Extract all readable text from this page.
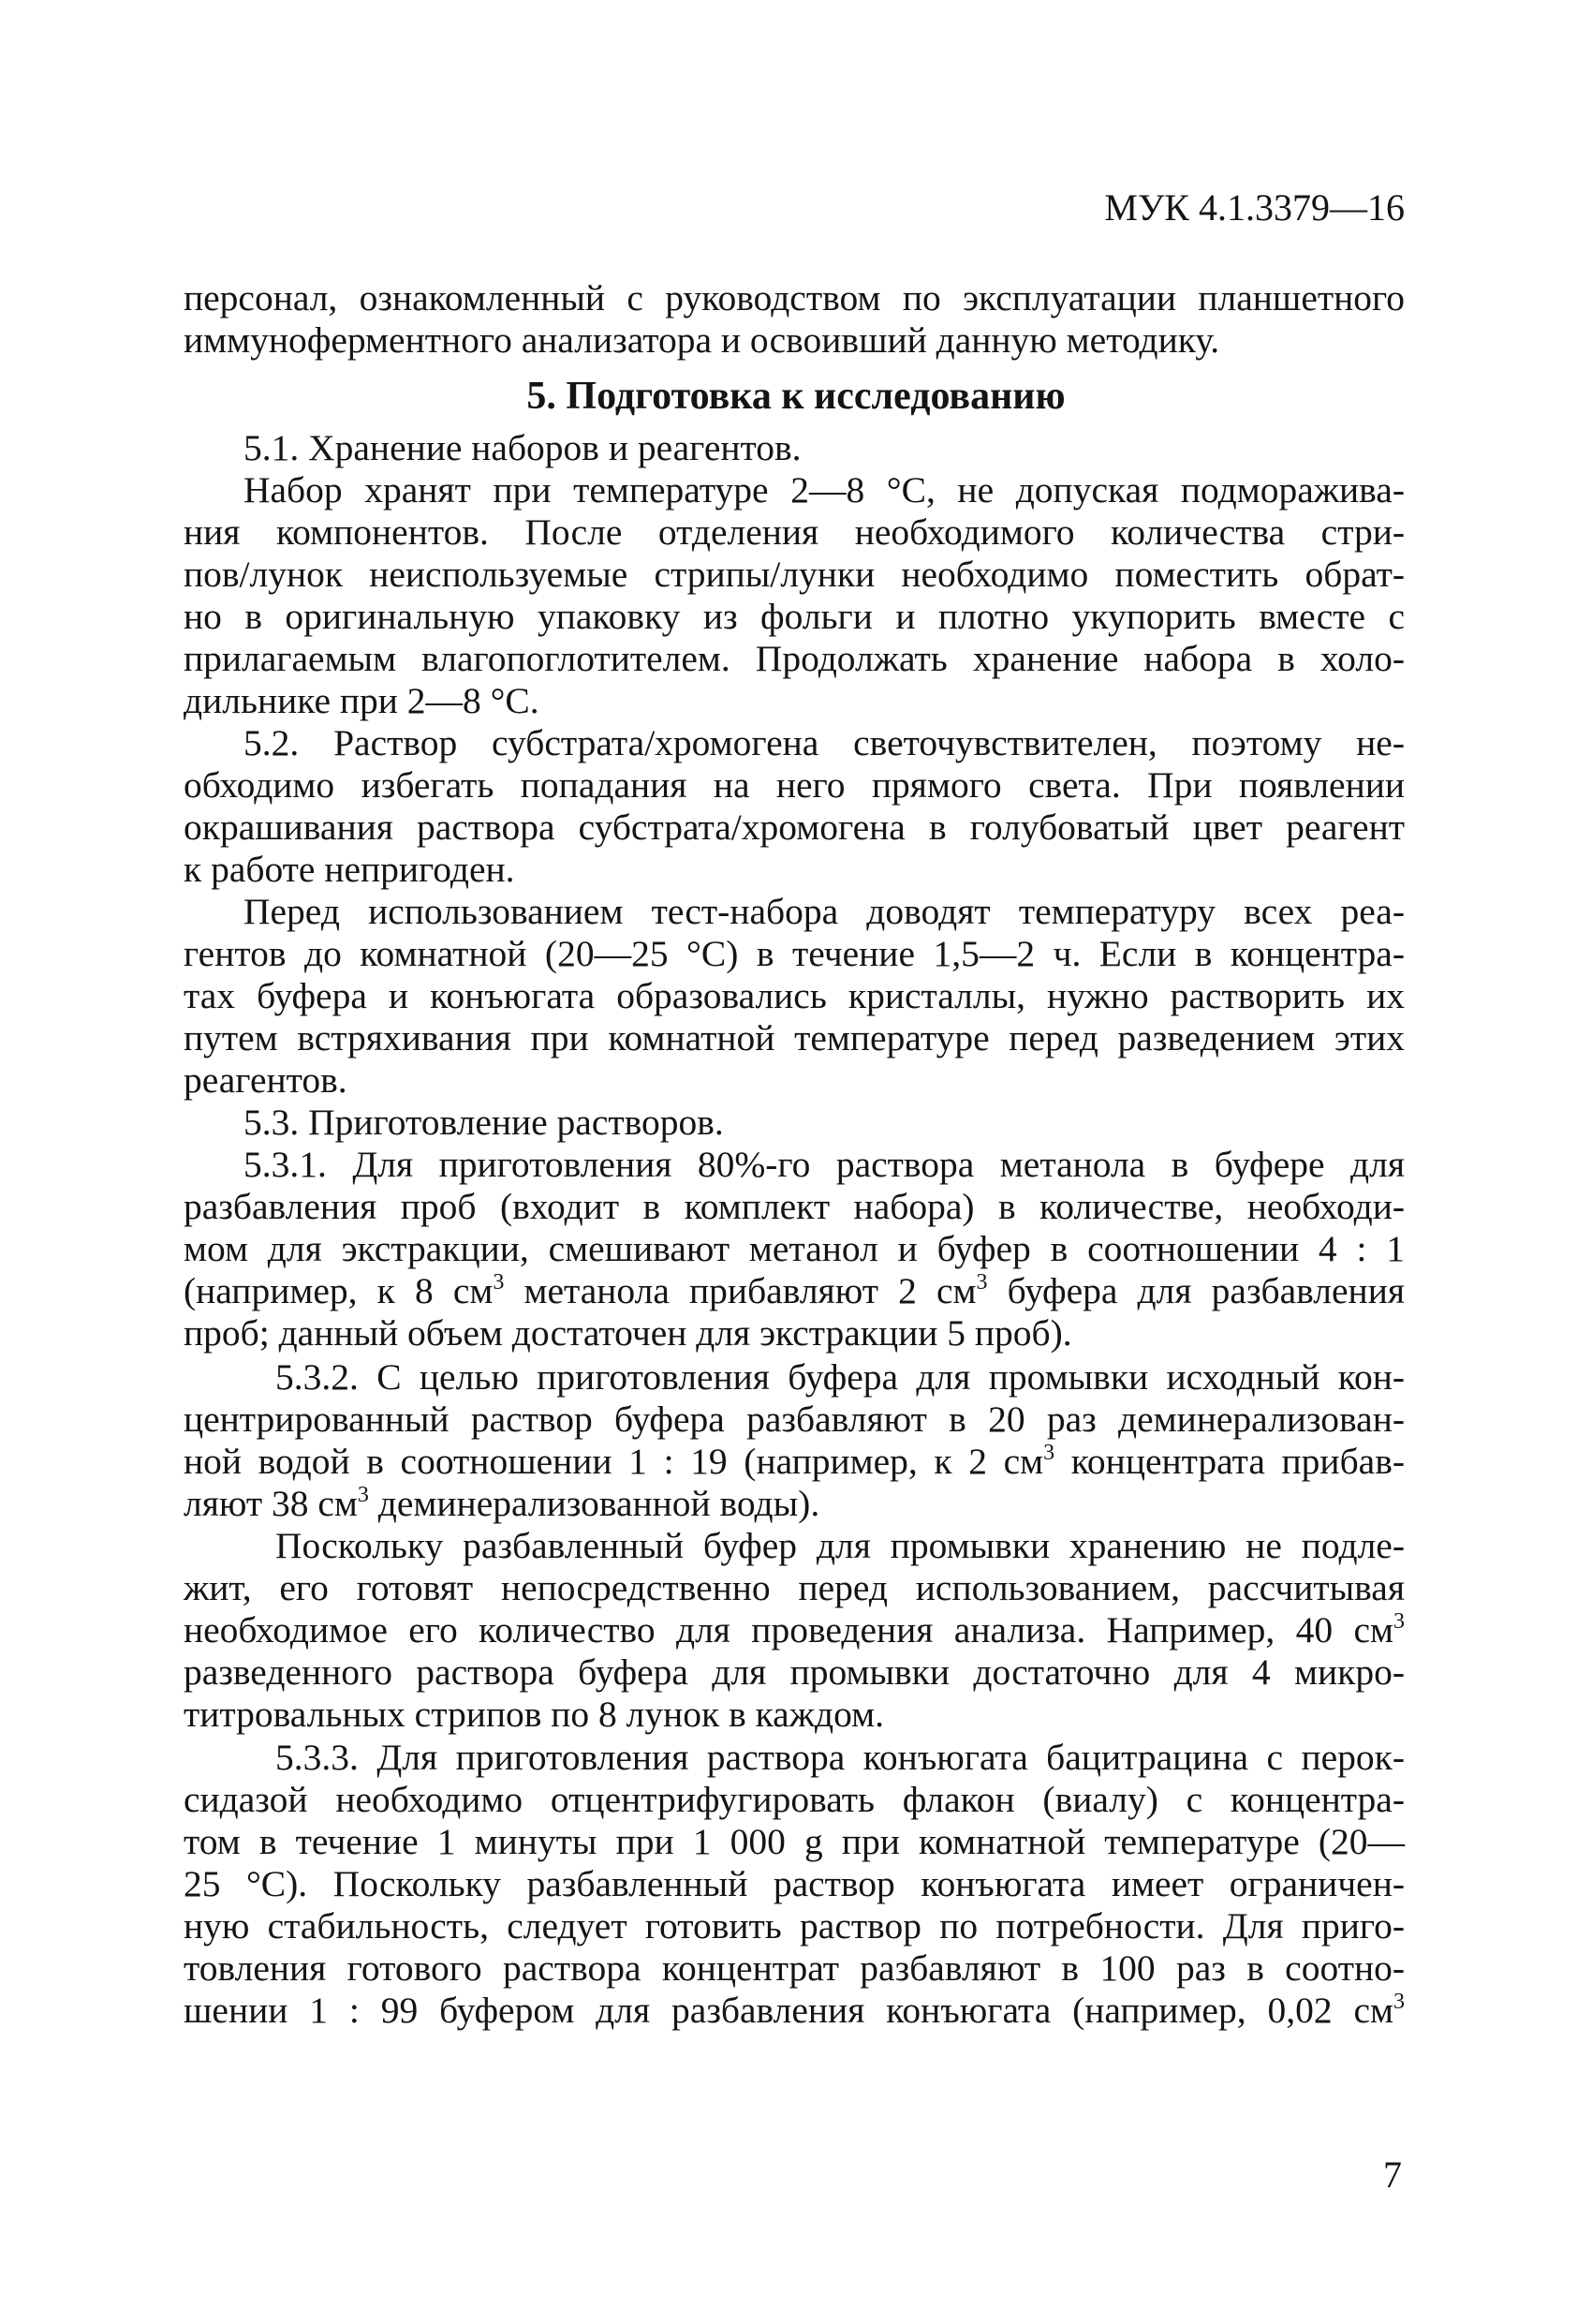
МУК 4.1.3379—16
персонал, ознакомленный с руководством по эксплуатации планшетного
иммуноферментного анализатора и освоивший данную методику.
5. Подготовка к исследованию
5.1. Хранение наборов и реагентов.
Набор хранят при температуре 2—8 °С, не допуская подморажива-
ния компонентов. После отделения необходимого количества стри-
пов/лунок неиспользуемые стрипы/лунки необходимо поместить обрат-
но в оригинальную упаковку из фольги и плотно укупорить вместе с
прилагаемым влагопоглотителем. Продолжать хранение набора в холо-
дильнике при 2—8 °С.
5.2. Раствор субстрата/хромогена светочувствителен, поэтому не-
обходимо избегать попадания на него прямого света. При появлении
окрашивания раствора субстрата/хромогена в голубоватый цвет реагент
к работе непригоден.
Перед использованием тест-набора доводят температуру всех реа-
гентов до комнатной (20—25 °С) в течение 1,5—2 ч. Если в концентра-
тах буфера и конъюгата образовались кристаллы, нужно растворить их
путем встряхивания при комнатной температуре перед разведением этих
реагентов.
5.3. Приготовление растворов.
5.3.1. Для приготовления 80%-го раствора метанола в буфере для
разбавления проб (входит в комплект набора) в количестве, необходи-
мом для экстракции, смешивают метанол и буфер в соотношении 4 : 1
(например, к 8 $см^3$ метанола прибавляют 2 $см^3$ буфера для разбавления
проб; данный объем достаточен для экстракции 5 проб).
5.3.2. С целью приготовления буфера для промывки исходный кон-
центрированный раствор буфера разбавляют в 20 раз деминерализован-
ной водой в соотношении 1 : 19 (например, к 2 $см^3$ концентрата прибав-
ляют 38 $см^3$ деминерализованной воды).
Поскольку разбавленный буфер для промывки хранению не подле-
жит, его готовят непосредственно перед использованием, рассчитывая
необходимое его количество для проведения анализа. Например, 40 $см^3$
разведенного раствора буфера для промывки достаточно для 4 микро-
титровальных стрипов по 8 лунок в каждом.
5.3.3. Для приготовления раствора конъюгата бацитрацина с перок-
сидазой необходимо отцентрифугировать флакон (виалу) с концентра-
том в течение 1 минуты при 1 000 g при комнатной температуре (20—
25 °С). Поскольку разбавленный раствор конъюгата имеет ограничен-
ную стабильность, следует готовить раствор по потребности. Для приго-
товления готового раствора концентрат разбавляют в 100 раз в соотно-
шении 1 : 99 буфером для разбавления конъюгата (например, 0,02 $см^3$
7
